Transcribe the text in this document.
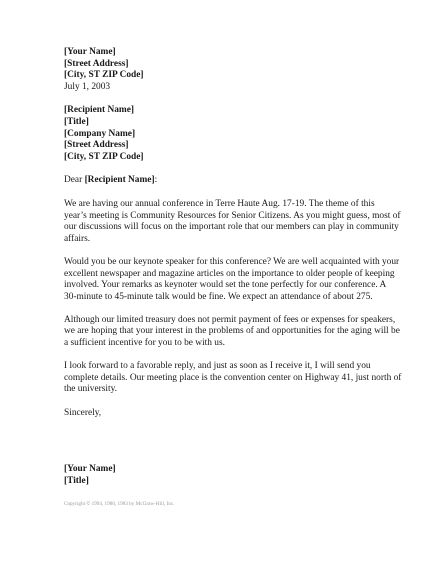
[Your Name]
[Street Address]
[City, ST ZIP Code]
July 1, 2003
[Recipient Name]
[Title]
[Company Name]
[Street Address]
[City, ST ZIP Code]
Dear [Recipient Name]:
We are having our annual conference in Terre Haute Aug. 17-19. The theme of this
year’s meeting is Community Resources for Senior Citizens. As you might guess, most of
our discussions will focus on the important role that our members can play in community
affairs.
Would you be our keynote speaker for this conference? We are well acquainted with your
excellent newspaper and magazine articles on the importance to older people of keeping
involved. Your remarks as keynoter would set the tone perfectly for our conference. A
30-minute to 45-minute talk would be fine. We expect an attendance of about 275.
Although our limited treasury does not permit payment of fees or expenses for speakers,
we are hoping that your interest in the problems of and opportunities for the aging will be
a sufficient incentive for you to be with us.
I look forward to a favorable reply, and just as soon as I receive it, I will send you
complete details. Our meeting place is the convention center on Highway 41, just north of
the university.
Sincerely,
[Your Name]
[Title]
Copyright © 1994, 1986, 1983 by McGraw-Hill, Inc.
